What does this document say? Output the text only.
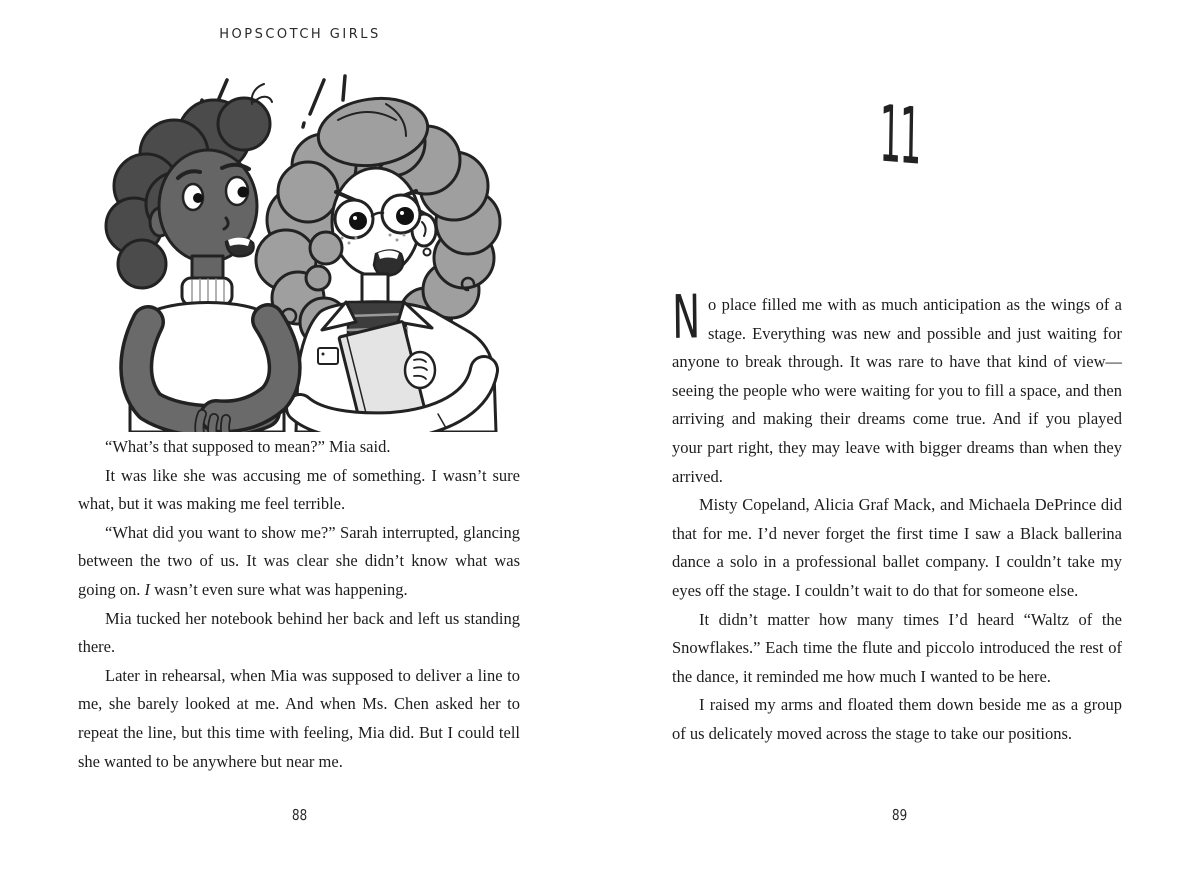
HOPSCOTCH GIRLS

“What’s that supposed to mean?” Mia said.

It was like she was accusing me of something. I wasn’t sure what, but it was making me feel terrible.

“What did you want to show me?” Sarah interrupted, glancing between the two of us. It was clear she didn’t know what was going on. I wasn’t even sure what was happening.

Mia tucked her notebook behind her back and left us standing there.

Later in rehearsal, when Mia was supposed to deliver a line to me, she barely looked at me. And when Ms. Chen asked her to repeat the line, but this time with feeling, Mia did. But I could tell she wanted to be anywhere but near me.

88
11

No place filled me with as much anticipation as the wings of a stage. Everything was new and possible and just waiting for anyone to break through. It was rare to have that kind of view—seeing the people who were waiting for you to fill a space, and then arriving and making their dreams come true. And if you played your part right, they may leave with bigger dreams than when they arrived.

Misty Copeland, Alicia Graf Mack, and Michaela DePrince did that for me. I’d never forget the first time I saw a Black ballerina dance a solo in a professional ballet company. I couldn’t take my eyes off the stage. I couldn’t wait to do that for someone else.

It didn’t matter how many times I’d heard “Waltz of the Snowflakes.” Each time the flute and piccolo introduced the rest of the dance, it reminded me how much I wanted to be here.

I raised my arms and floated them down beside me as a group of us delicately moved across the stage to take our positions.

89
